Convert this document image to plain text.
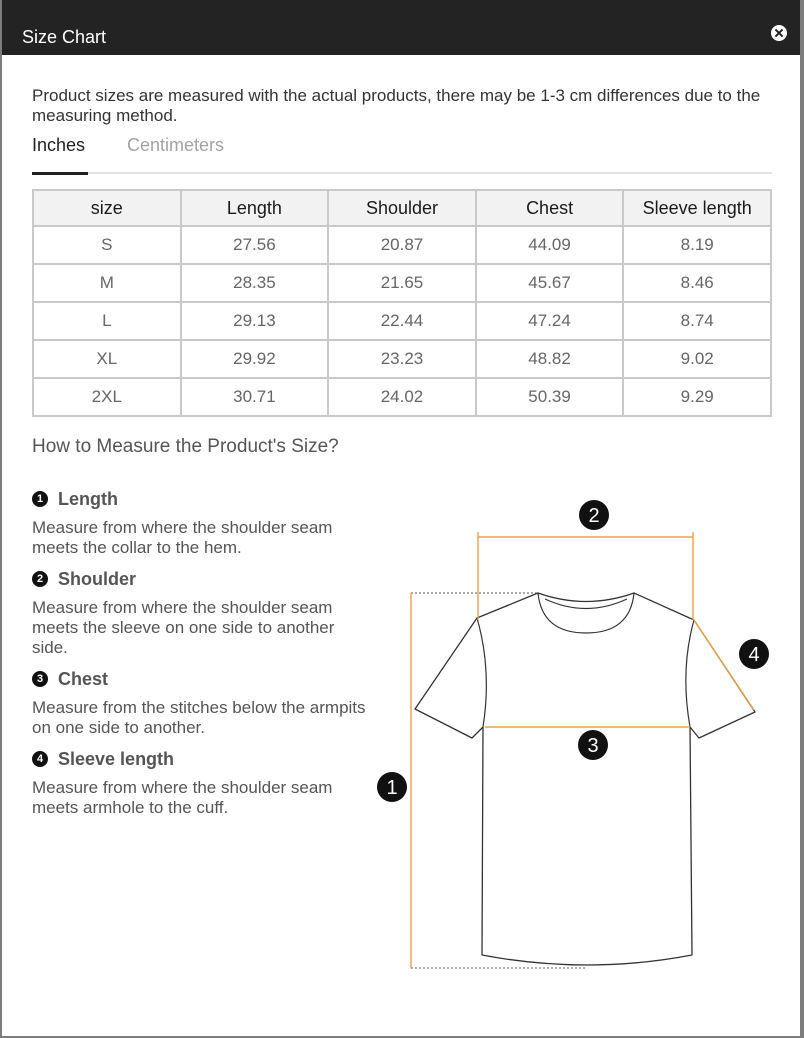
Size Chart
Product sizes are measured with the actual products, there may be 1-3 cm differences due to the measuring method.
Inches Centimeters
size	Length	Shoulder	Chest	Sleeve length
S	27.56	20.87	44.09	8.19
M	28.35	21.65	45.67	8.46
L	29.13	22.44	47.24	8.74
XL	29.92	23.23	48.82	9.02
2XL	30.71	24.02	50.39	9.29
How to Measure the Product's Size?
1 Length
Measure from where the shoulder seam meets the collar to the hem.
2 Shoulder
Measure from where the shoulder seam meets the sleeve on one side to another side.
3 Chest
Measure from the stitches below the armpits on one side to another.
4 Sleeve length
Measure from where the shoulder seam meets armhole to the cuff.
1
2
3
4
